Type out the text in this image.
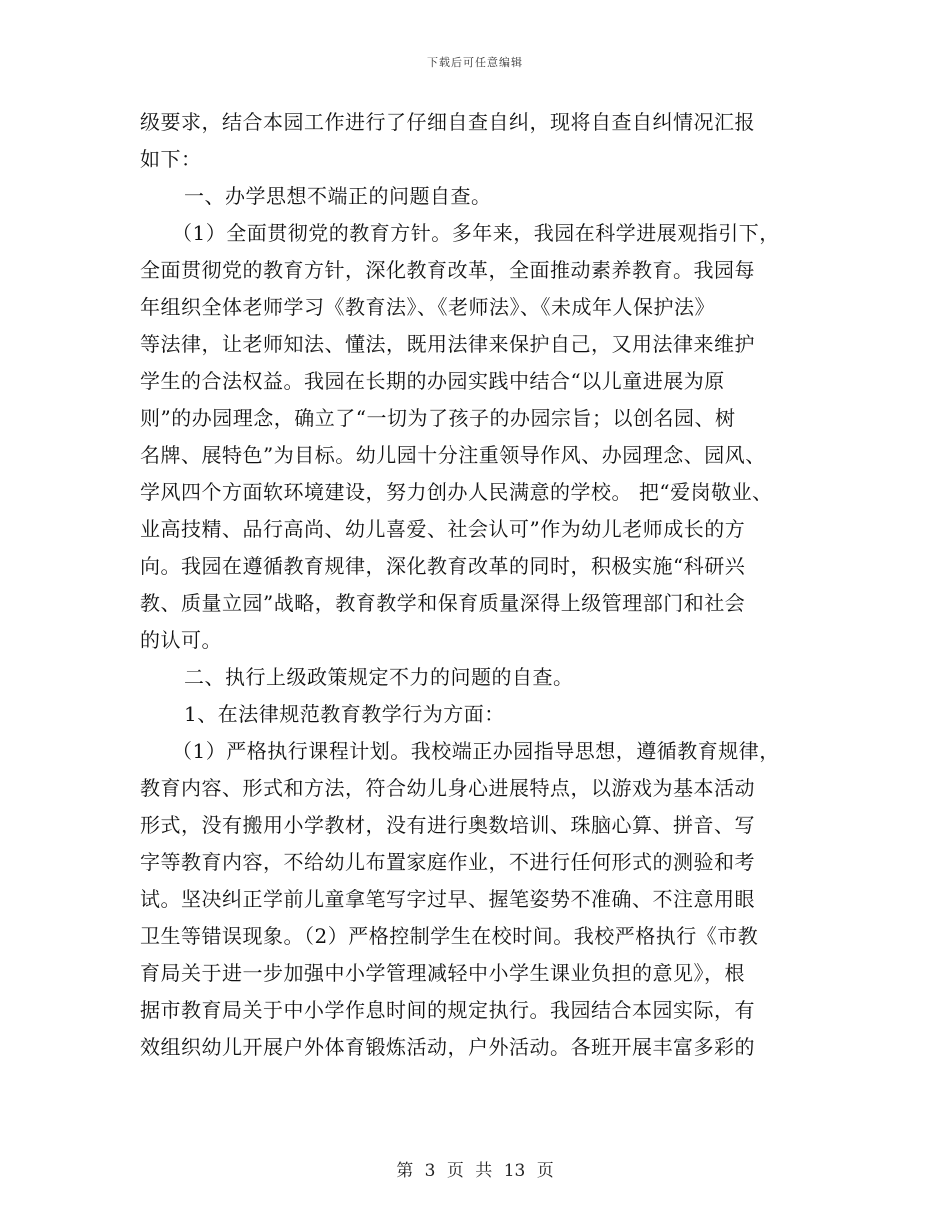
下载后可任意编辑
级要求，结合本园工作进行了仔细自查自纠，现将自查自纠情况汇报
如下：
一、办学思想不端正的问题自查。
（1）全面贯彻党的教育方针。多年来，我园在科学进展观指引下，
全面贯彻党的教育方针，深化教育改革，全面推动素养教育。我园每
年组织全体老师学习《教育法》、《老师法》、《未成年人保护法》
等法律，让老师知法、懂法，既用法律来保护自己，又用法律来维护
学生的合法权益。我园在长期的办园实践中结合“以儿童进展为原
则”的办园理念，确立了“一切为了孩子的办园宗旨；以创名园、树
名牌、展特色”为目标。幼儿园十分注重领导作风、办园理念、园风、
学风四个方面软环境建设，努力创办人民满意的学校。 把“爱岗敬业、
业高技精、品行高尚、幼儿喜爱、社会认可”作为幼儿老师成长的方
向。我园在遵循教育规律，深化教育改革的同时，积极实施“科研兴
教、质量立园”战略，教育教学和保育质量深得上级管理部门和社会
的认可。
二、执行上级政策规定不力的问题的自查。
1、在法律规范教育教学行为方面：
（1）严格执行课程计划。我校端正办园指导思想，遵循教育规律，
教育内容、形式和方法，符合幼儿身心进展特点，以游戏为基本活动
形式，没有搬用小学教材，没有进行奥数培训、珠脑心算、拼音、写
字等教育内容，不给幼儿布置家庭作业，不进行任何形式的测验和考
试。坚决纠正学前儿童拿笔写字过早、握笔姿势不准确、不注意用眼
卫生等错误现象。（2）严格控制学生在校时间。我校严格执行《市教
育局关于进一步加强中小学管理减轻中小学生课业负担的意见》，根
据市教育局关于中小学作息时间的规定执行。我园结合本园实际，有
效组织幼儿开展户外体育锻炼活动，户外活动。各班开展丰富多彩的
第 3 页 共 13 页
